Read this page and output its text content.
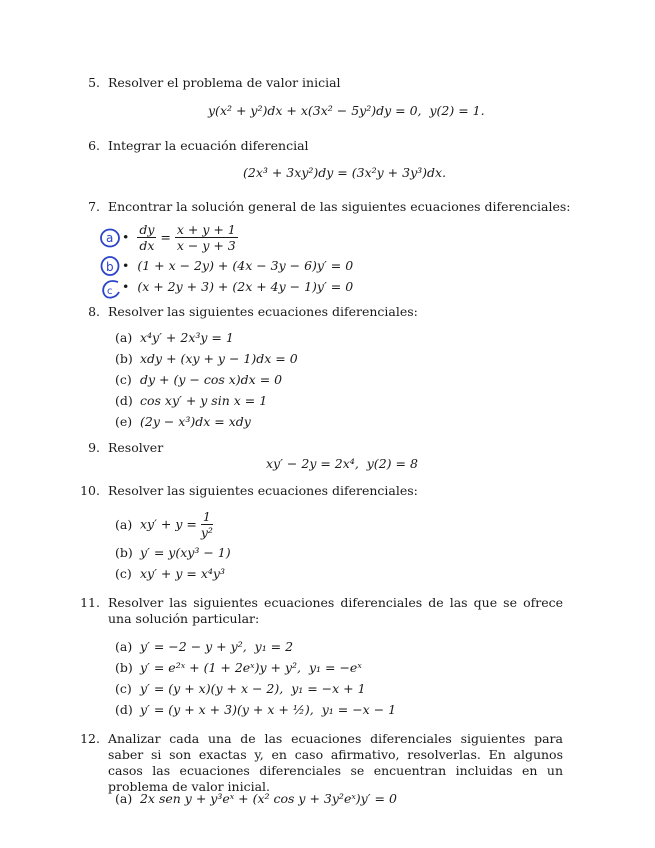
5. Resolver el problema de valor inicial
y(x² + y²)dx + x(3x² − 5y²)dy = 0, y(2) = 1.
6. Integrar la ecuación diferencial
(2x³ + 3xy²)dy = (3x²y + 3y³)dx.
7. Encontrar la solución general de las siguientes ecuaciones diferenciales:
• $\frac{dy}{dx} = \frac{x + y + 1}{x - y + 3}$
• (1 + x − 2y) + (4x − 3y − 6)y′ = 0
• (x + 2y + 3) + (2x + 4y − 1)y′ = 0
a
b
c
8. Resolver las siguientes ecuaciones diferenciales:
(a) x⁴y′ + 2x³y = 1
(b) xdy + (xy + y − 1)dx = 0
(c) dy + (y − cos x)dx = 0
(d) cos xy′ + y sin x = 1
(e) (2y − x³)dx = xdy
9. Resolver
xy′ − 2y = 2x⁴, y(2) = 8
10. Resolver las siguientes ecuaciones diferenciales:
(a) $xy' + y = \frac{1}{\text{y²}}$
(b) y′ = y(xy³ − 1)
(c) xy′ + y = x⁴y³
11. Resolver las siguientes ecuaciones diferenciales de las que se ofrece una solución particular:
(a) y′ = −2 − y + y², y₁ = 2
(b) y′ = e²ˣ + (1 + 2eˣ)y + y², y₁ = −eˣ
(c) y′ = (y + x)(y + x − 2), y₁ = −x + 1
(d) y′ = (y + x + 3)(y + x + ½), y₁ = −x − 1
12. Analizar cada una de las ecuaciones diferenciales siguientes para saber si son exactas y, en caso afirmativo, resolverlas. En algunos casos las ecuaciones diferenciales se encuentran incluidas en un problema de valor inicial.
(a) 2x sen y + y³eˣ + (x² cos y + 3y²eˣ)y′ = 0
